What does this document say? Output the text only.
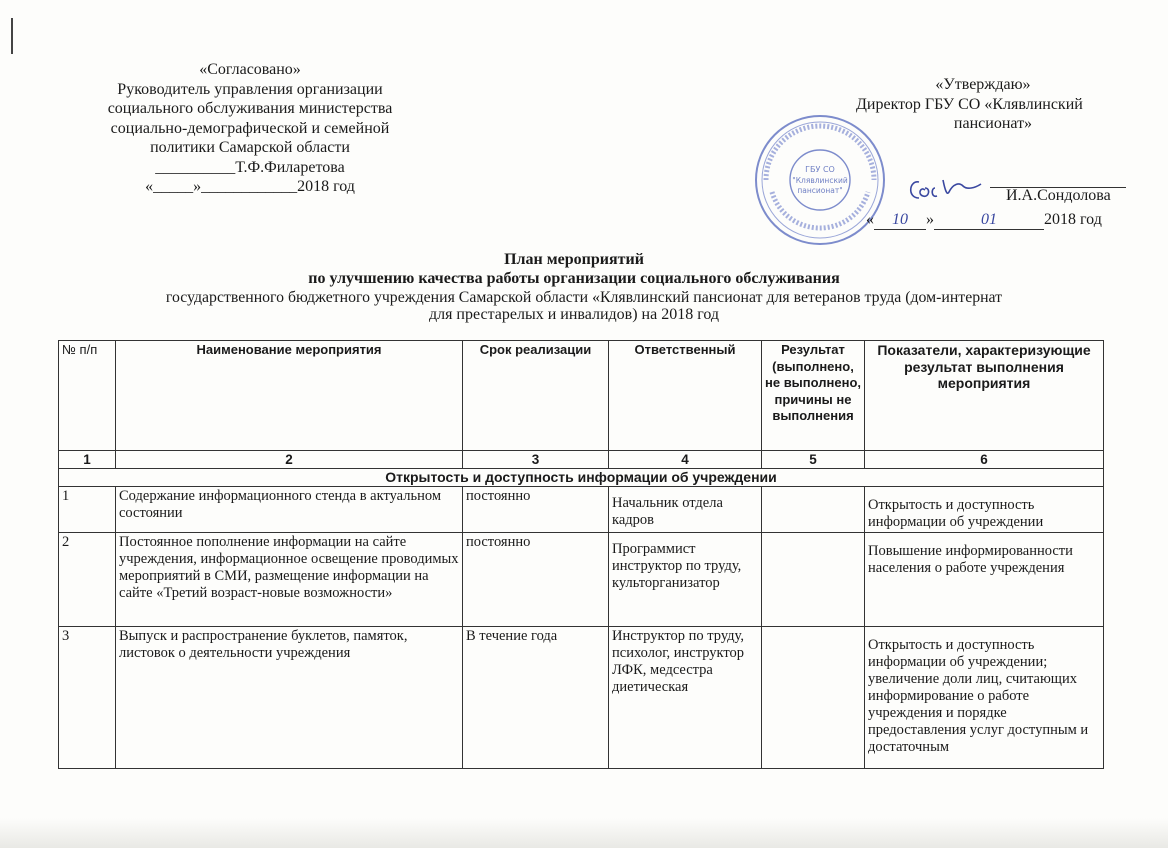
«Согласовано»
Руководитель управления организации
социального обслуживания министерства
социально-демографической и семейной
политики Самарской области
__________Т.Ф.Филаретова
«_____»____________2018 год
«Утверждаю»
Директор ГБУ СО «Клявлинский
пансионат»
ГБУ СО
"Клявлинский
пансионат"	И.А.Сондолова
« 10 »	01	2018 год
План мероприятий
по улучшению качества работы организации социального обслуживания
государственного бюджетного учреждения Самарской области «Клявлинский пансионат для ветеранов труда (дом-интернат
для престарелых и инвалидов) на 2018 год
№ п/п	Наименование мероприятия	Срок реализации	Ответственный	Результат (выполнено, не выполнено, причины не выполнения	Показатели, характеризующие результат выполнения мероприятия
1	2	3	4	5	6
Открытость и доступность информации об учреждении					
1	Содержание информационного стенда в актуальном состоянии	постоянно	Начальник отдела кадров		Открытость и доступность информации об учреждении
2	Постоянное пополнение информации на сайте учреждения, информационное освещение проводимых мероприятий в СМИ, размещение информации на сайте «Третий возраст-новые возможности»	постоянно	Программист инструктор по труду, культорганизатор		Повышение информированности населения о работе учреждения
3	Выпуск и распространение буклетов, памяток, листовок о деятельности учреждения	В течение года	Инструктор по труду, психолог, инструктор ЛФК, медсестра диетическая		Открытость и доступность информации об учреждении; увеличение доли лиц, считающих информирование о работе учреждения и порядке предоставления услуг доступным и достаточным
